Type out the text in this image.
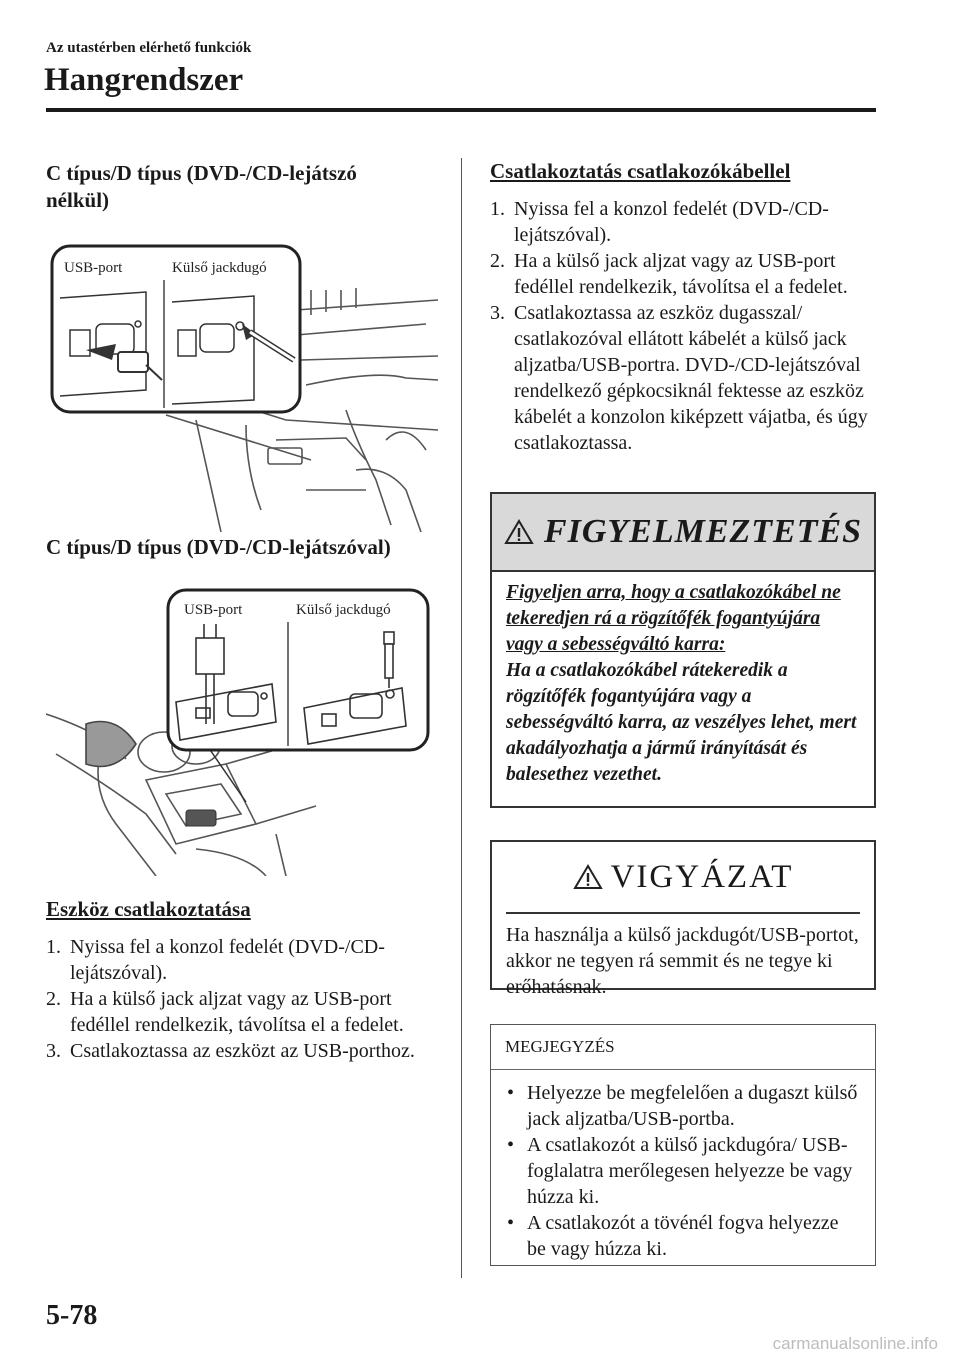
Az utastérben elérhető funkciók
Hangrendszer
C típus/D típus (DVD-/CD-lejátszó nélkül)
USB-port	Külső jackdugó
C típus/D típus (DVD-/CD-lejátszóval)
USB-port	Külső jackdugó
Eszköz csatlakoztatása
1. Nyissa fel a konzol fedelét (DVD-/CD-lejátszóval).
2. Ha a külső jack aljzat vagy az USB-port fedéllel rendelkezik, távolítsa el a fedelet.
3. Csatlakoztassa az eszközt az USB-porthoz.
Csatlakoztatás csatlakozókábellel
1. Nyissa fel a konzol fedelét (DVD-/CD-lejátszóval).
2. Ha a külső jack aljzat vagy az USB-port fedéllel rendelkezik, távolítsa el a fedelet.
3. Csatlakoztassa az eszköz dugasszal/ csatlakozóval ellátott kábelét a külső jack aljzatba/USB-portra. DVD-/CD-lejátszóval rendelkező gépkocsiknál fektesse az eszköz kábelét a konzolon kiképzett vájatba, és úgy csatlakoztassa.
FIGYELMEZTETÉS
Figyeljen arra, hogy a csatlakozókábel ne tekeredjen rá a rögzítőfék fogantyújára vagy a sebességváltó karra:
Ha a csatlakozókábel rátekeredik a rögzítőfék fogantyújára vagy a sebességváltó karra, az veszélyes lehet, mert akadályozhatja a jármű irányítását és balesethez vezethet.
VIGYÁZAT
Ha használja a külső jackdugót/USB-portot, akkor ne tegyen rá semmit és ne tegye ki erőhatásnak.
MEGJEGYZÉS
• Helyezze be megfelelően a dugaszt külső jack aljzatba/USB-portba.
• A csatlakozót a külső jackdugóra/ USB-foglalatra merőlegesen helyezze be vagy húzza ki.
• A csatlakozót a tövénél fogva helyezze be vagy húzza ki.
5-78
carmanualsonline.info
